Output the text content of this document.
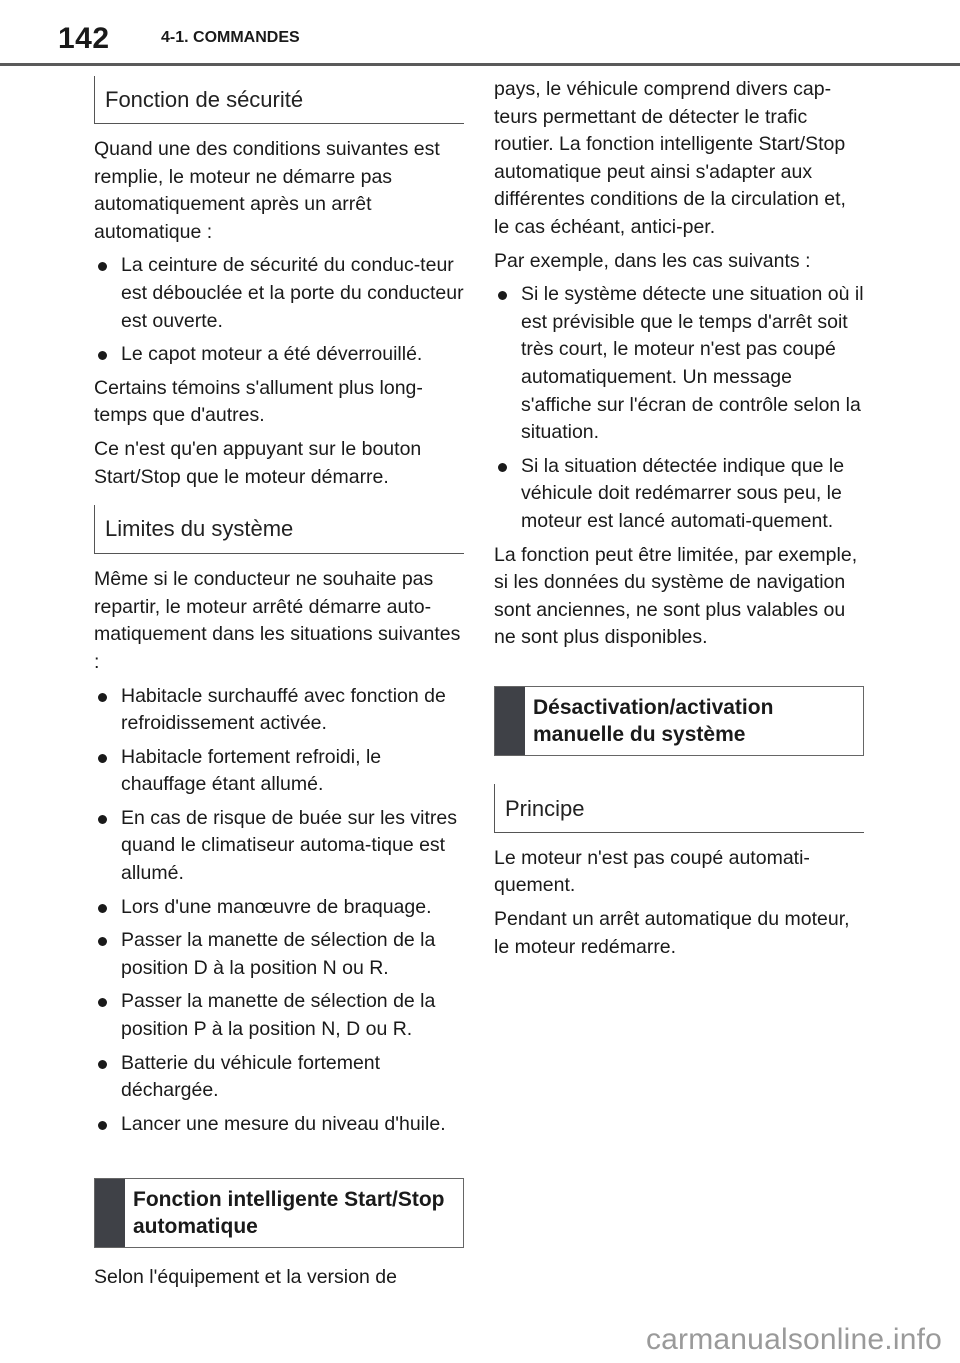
142	4-1. COMMANDES
Fonction de sécurité

Quand une des conditions suivantes est remplie, le moteur ne démarre pas automatiquement après un arrêt automatique :

La ceinture de sécurité du conduc-teur est débouclée et la porte du conducteur est ouverte.
Le capot moteur a été déverrouillé.

Certains témoins s'allument plus long-temps que d'autres.

Ce n'est qu'en appuyant sur le bouton Start/Stop que le moteur démarre.

Limites du système

Même si le conducteur ne souhaite pas repartir, le moteur arrêté démarre auto-matiquement dans les situations suivantes :

Habitacle surchauffé avec fonction de refroidissement activée.
Habitacle fortement refroidi, le chauffage étant allumé.
En cas de risque de buée sur les vitres quand le climatiseur automa-tique est allumé.
Lors d'une manœuvre de braquage.
Passer la manette de sélection de la position D à la position N ou R.
Passer la manette de sélection de la position P à la position N, D ou R.
Batterie du véhicule fortement déchargée.
Lancer une mesure du niveau d'huile.
Fonction intelligente Start/Stop automatique

Selon l'équipement et la version de

pays, le véhicule comprend divers cap-teurs permettant de détecter le trafic routier. La fonction intelligente Start/Stop automatique peut ainsi s'adapter aux différentes conditions de la circulation et, le cas échéant, antici-per.

Par exemple, dans les cas suivants :

Si le système détecte une situation où il est prévisible que le temps d'arrêt soit très court, le moteur n'est pas coupé automatiquement. Un message s'affiche sur l'écran de contrôle selon la situation.
Si la situation détectée indique que le véhicule doit redémarrer sous peu, le moteur est lancé automati-quement.

La fonction peut être limitée, par exemple, si les données du système de navigation sont anciennes, ne sont plus valables ou ne sont plus disponibles.

Désactivation/activation manuelle du système
Principe

Le moteur n'est pas coupé automati-quement.

Pendant un arrêt automatique du moteur, le moteur redémarre.

carmanualsonline.info
